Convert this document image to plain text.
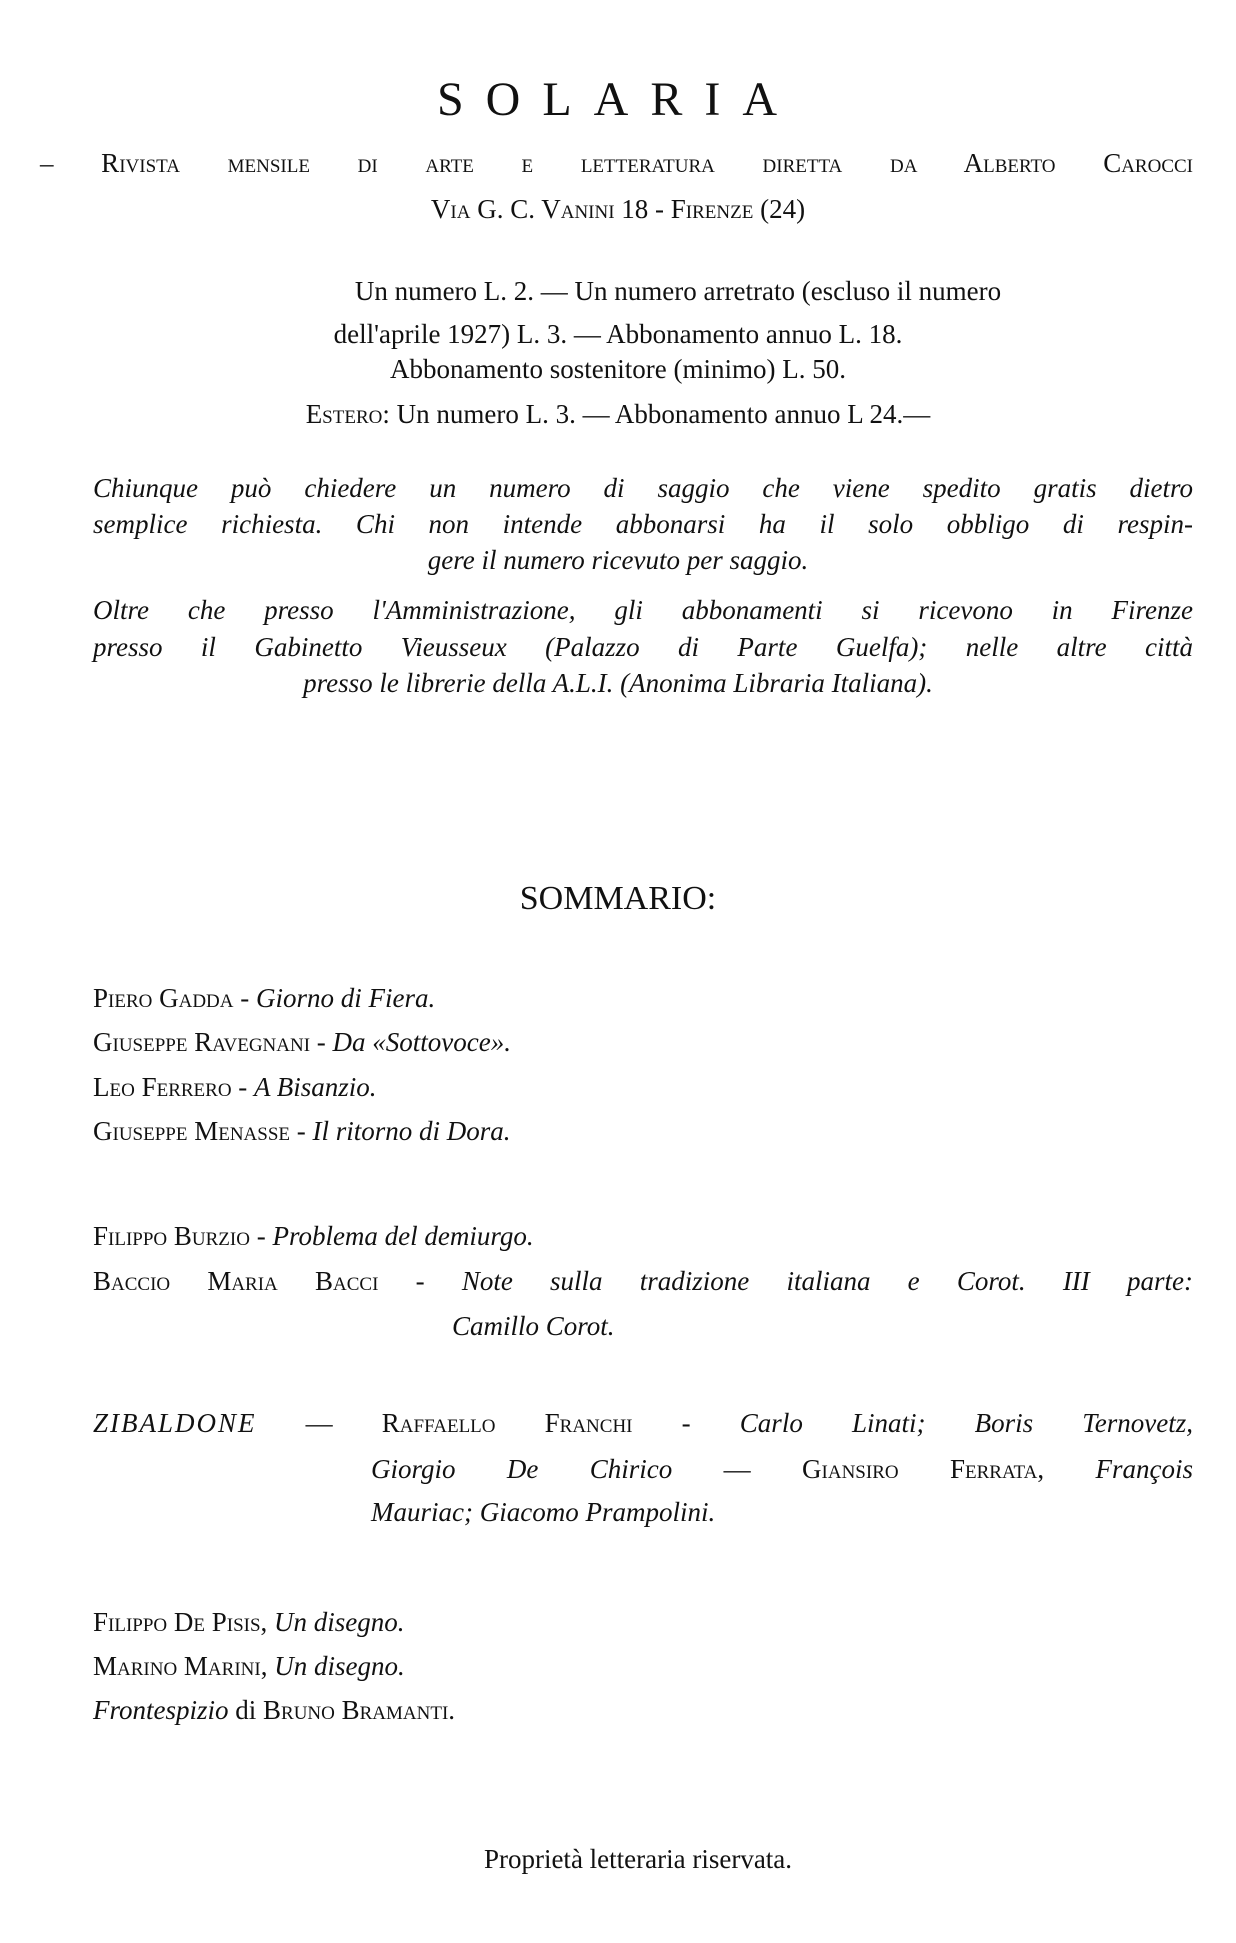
SOLARIA
– Rivista mensile di arte e letteratura diretta da Alberto Carocci
Via G. C. Vanini 18 - Firenze (24)
Un numero L. 2. — Un numero arretrato (escluso il numero
dell'aprile 1927) L. 3. — Abbonamento annuo L. 18.
Abbonamento sostenitore (minimo) L. 50.
Estero: Un numero L. 3. — Abbonamento annuo L 24.—
Chiunque può chiedere un numero di saggio che viene spedito gratis dietro
semplice richiesta. Chi non intende abbonarsi ha il solo obbligo di respin-
gere il numero ricevuto per saggio.
Oltre che presso l'Amministrazione, gli abbonamenti si ricevono in Firenze
presso il Gabinetto Vieusseux (Palazzo di Parte Guelfa); nelle altre città
presso le librerie della A.L.I. (Anonima Libraria Italiana).
SOMMARIO:
Piero Gadda - Giorno di Fiera.
Giuseppe Ravegnani - Da «Sottovoce».
Leo Ferrero - A Bisanzio.
Giuseppe Menasse - Il ritorno di Dora.
Filippo Burzio - Problema del demiurgo.
Baccio Maria Bacci - Note sulla tradizione italiana e Corot. III parte:
Camillo Corot.
ZIBALDONE — Raffaello Franchi - Carlo Linati; Boris Ternovetz,
Giorgio De Chirico — Giansiro Ferrata, François
Mauriac; Giacomo Prampolini.
Filippo De Pisis, Un disegno.
Marino Marini, Un disegno.
Frontespizio di Bruno Bramanti.
Proprietà letteraria riservata.
